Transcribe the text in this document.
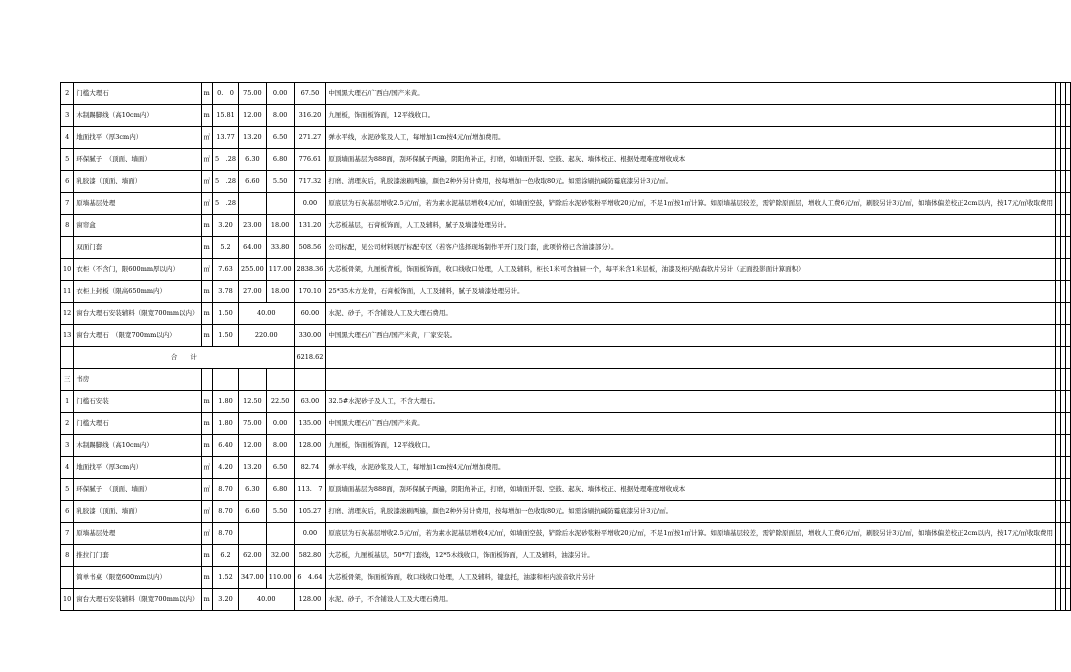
2	门槛大理石	m	0.　0	75.00	0.00	67.50	中国黑大理石/广西白/国产米黄。			
3	木制踢脚线（高10cm内）	m	15.81	12.00	8.00	316.20	九厘板，饰面板饰面，12平线收口。			
4	地面找平（厚3cm内）	㎡	13.77	13.20	6.50	271.27	弹水平线，水泥砂浆及人工，每增加1cm按4元/㎡增加费用。			
5	环保腻子　（顶面、墙面）	㎡	5　.28	6.30	6.80	776.61	原顶墙面基层为888面，刮环保腻子两遍，阴阳角补正，打磨，如墙面开裂、空鼓、起灰、墙体校正、根据处理难度增收成本			
6	乳胶漆（顶面、墙面）	㎡	5　.28	6.60	5.50	717.32	打磨、清理灰后，乳胶漆滚刷两遍，颜色2种外另计费用，按每增加一色收取80元。如需涂刷抗碱防霉底漆另计3元/㎡。			
7	原墙基层处理	㎡	5　.28			0.00	原底层为石灰基层增收2.5元/㎡，若为素水泥基层增收4元/㎡，如墙面空鼓，铲除后水泥砂浆粉平增收20元/㎡，不足1㎡按1㎡计算。如原墙基层较差，需铲除原面层，增收人工费6元/㎡，刷胶另计3元/㎡，如墙体偏差校正2cm以内，按17元/㎡收取费用			
8	窗帘盒	m	3.20	23.00	18.00	131.20	大芯板基层，石膏板饰面，人工及辅料，腻子及墙漆处理另计。			
	双面门套	m	5.2	64.00	33.80	508.56	公司标配，见公司材料展厅标配专区（若客户选择现场制作平开门及门套，此项价格已含油漆部分）。			
10	衣柜（不含门，限600mm厚以内）	㎡	7.63	255.00	117.00	2838.36	大芯板骨架，九厘板背板，饰面板饰面，收口线收口处理，人工及辅料，柜长1米可含抽屉一个，每平米含1米层板，油漆及柜内贴森软片另计（正面投影面计算面积）			
11	衣柜上封板（限高650mm内）	m	3.78	27.00	18.00	170.10	25*35木方龙骨，石膏板饰面，人工及辅料，腻子及墙漆处理另计。			
12	窗台大理石安装辅料（限宽700mm以内）	m	1.50	40.00		60.00	水泥、砂子，不含铺设人工及大理石费用。			
13	窗台大理石　（限宽700mm以内）	m	1.50	220.00		330.00	中国黑大理石/广西白/国产米黄，厂家安装。			
	合　　计					6218.62				
三	书房									
1	门槛石安装	m	1.80	12.50	22.50	63.00	32.5#水泥砂子及人工，不含大理石。			
2	门槛大理石	m	1.80	75.00	0.00	135.00	中国黑大理石/广西白/国产米黄。			
3	木制踢脚线（高10cm内）	m	6.40	12.00	8.00	128.00	九厘板，饰面板饰面，12平线收口。			
4	地面找平（厚3cm内）	㎡	4.20	13.20	6.50	82.74	弹水平线，水泥砂浆及人工，每增加1cm按4元/㎡增加费用。			
5	环保腻子　（顶面、墙面）	㎡	8.70	6.30	6.80	113.　7	原顶墙面基层为888面，刮环保腻子两遍，阴阳角补正，打磨，如墙面开裂、空鼓、起灰、墙体校正、根据处理难度增收成本			
6	乳胶漆（顶面、墙面）	㎡	8.70	6.60	5.50	105.27	打磨、清理灰后，乳胶漆滚刷两遍，颜色2种外另计费用，按每增加一色收取80元。如需涂刷抗碱防霉底漆另计3元/㎡。			
7	原墙基层处理	㎡	8.70			0.00	原底层为石灰基层增收2.5元/㎡，若为素水泥基层增收4元/㎡，如墙面空鼓，铲除后水泥砂浆粉平增收20元/㎡，不足1㎡按1㎡计算。如原墙基层较差，需铲除原面层，增收人工费6元/㎡，刷胶另计3元/㎡，如墙体偏差校正2cm以内，按17元/㎡收取费用			
8	推拉门门套	m	6.2	62.00	32.00	582.80	大芯板，九厘板基层，50*7门套线，12*5木线收口，饰面板饰面，人工及辅料，油漆另计。			
	简单书桌（限宽600mm以内）	m	1.52	347.00	110.00	6　4.64	大芯板骨架，饰面板饰面，收口线收口处理，人工及辅料，键盘托，油漆和柜内波音软片另计			
10	窗台大理石安装辅料（限宽700mm以内）	m	3.20	40.00		128.00	水泥、砂子，不含铺设人工及大理石费用。			
